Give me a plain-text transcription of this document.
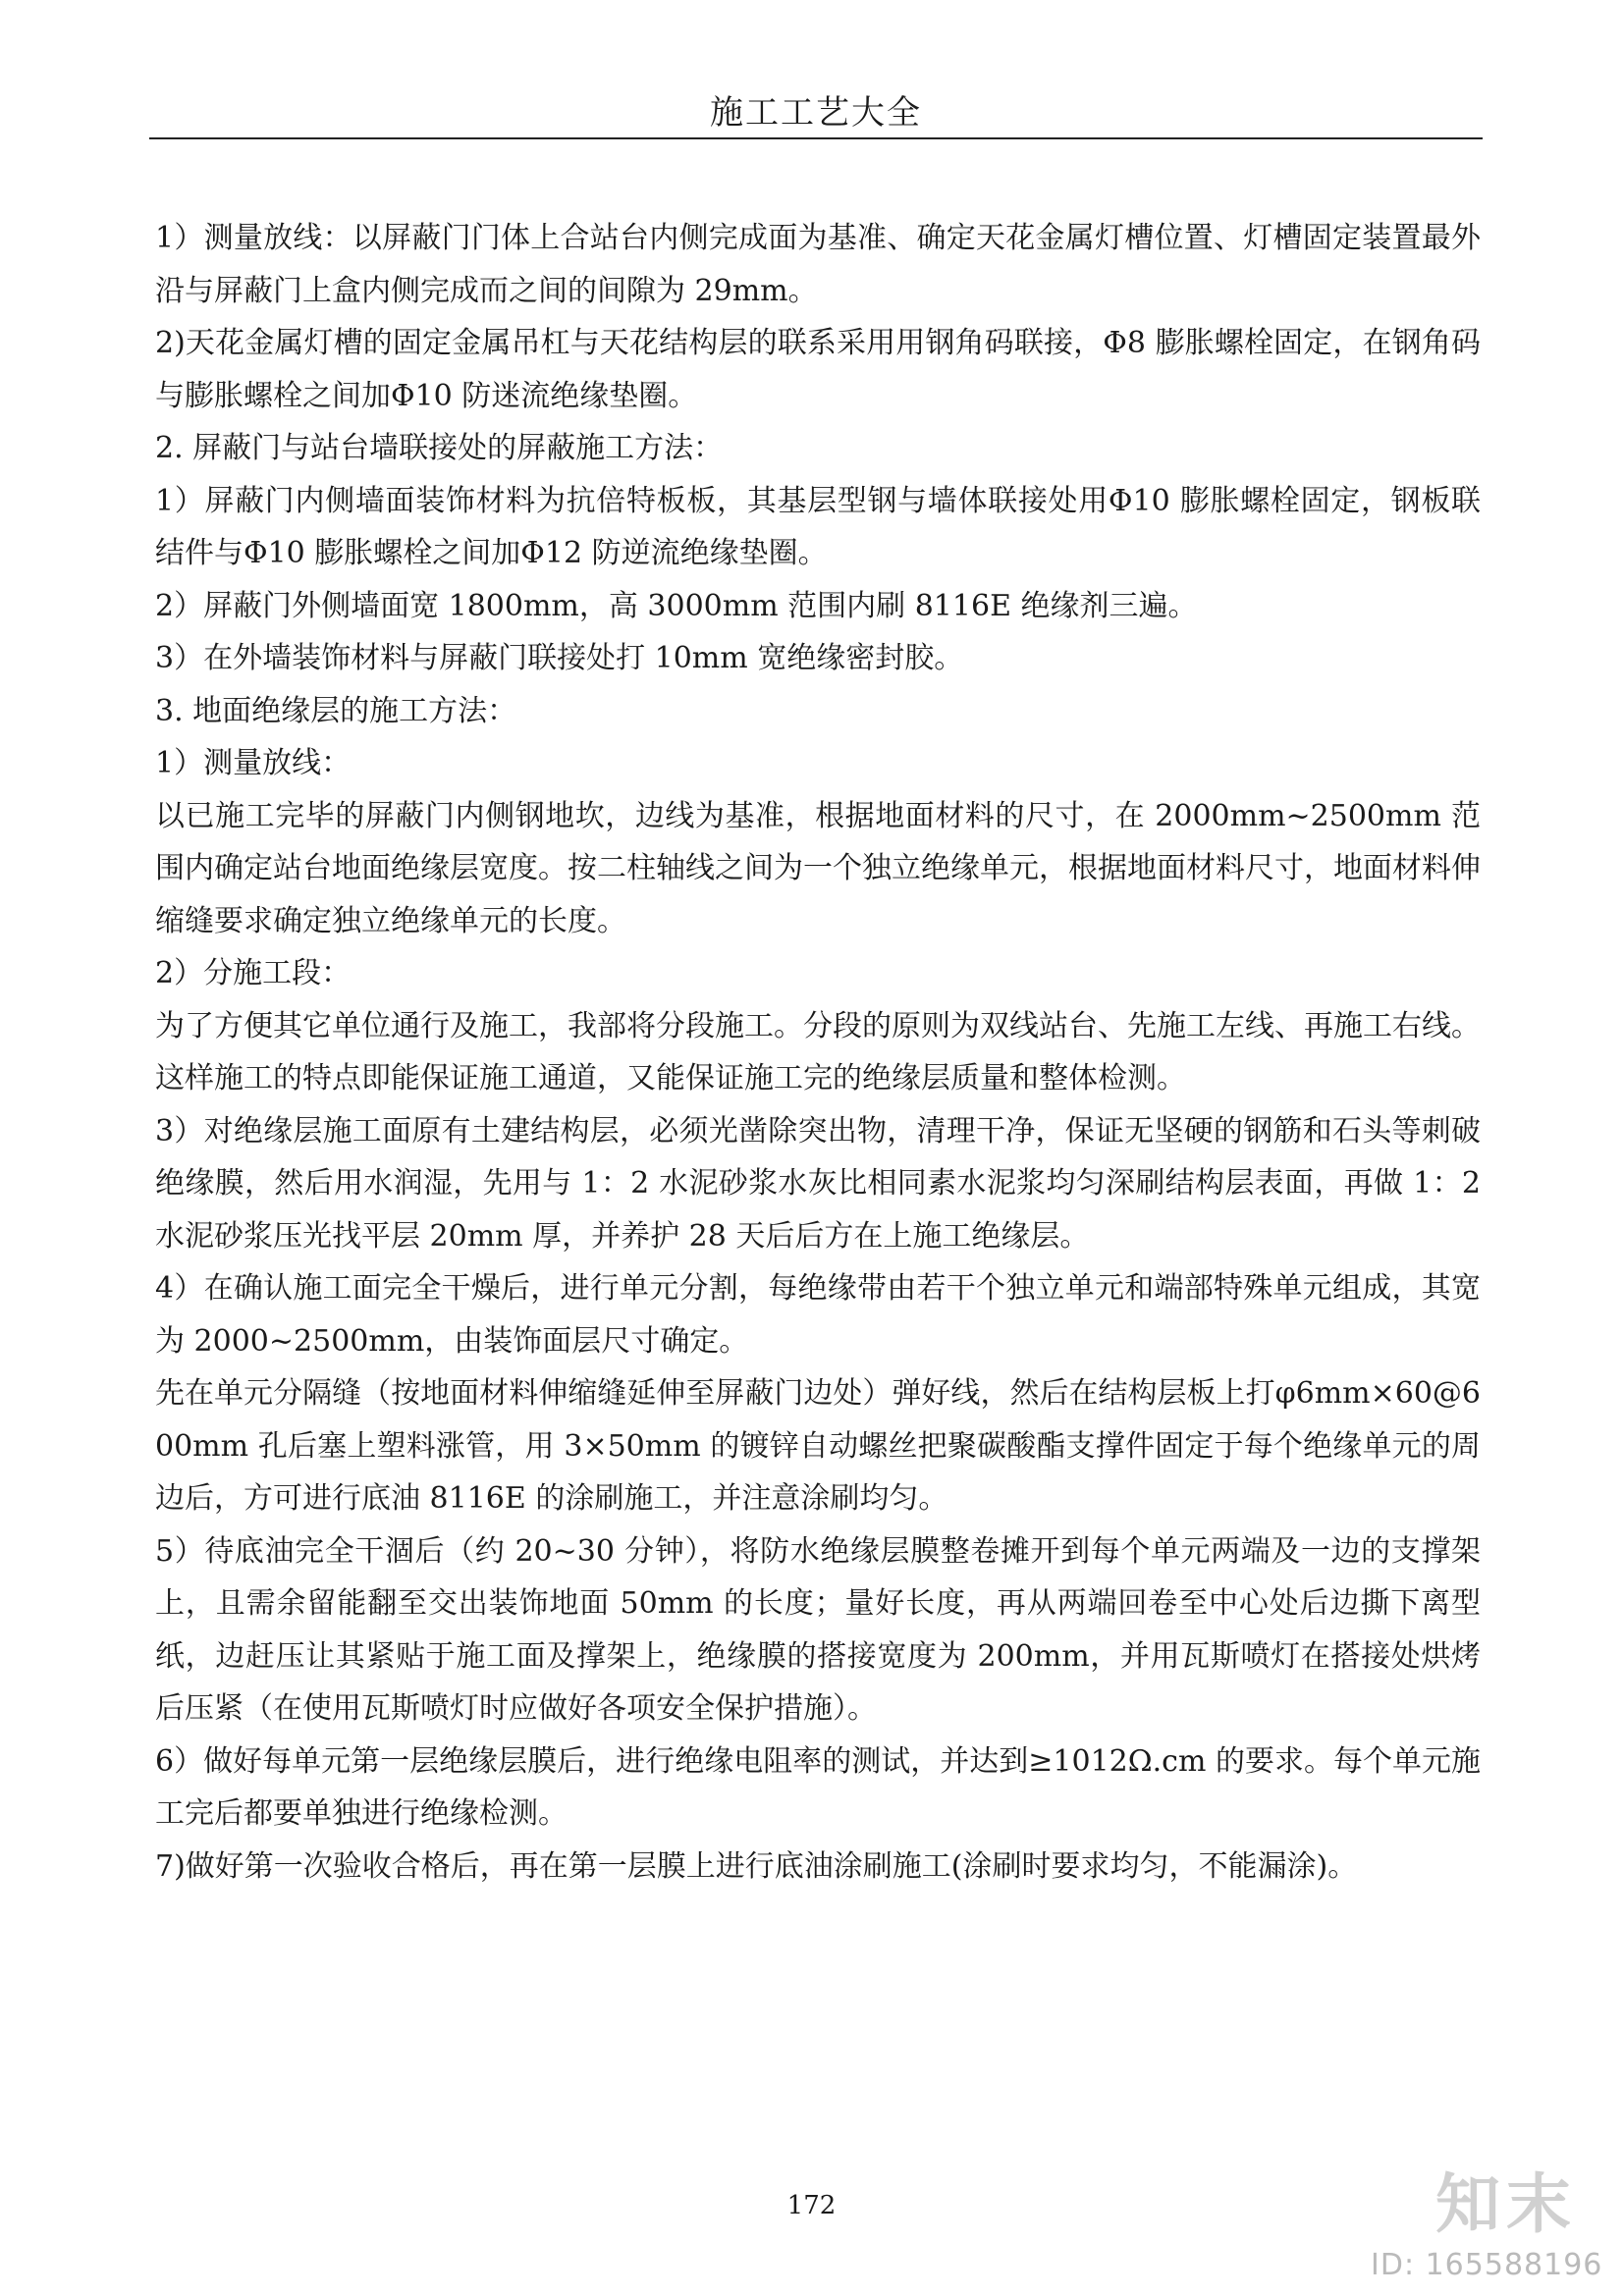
施工工艺大全

1）测量放线：以屏蔽门门体上合站台内侧完成面为基准、确定天花金属灯槽位置、灯槽固定装置最外沿与屏蔽门上盒内侧完成而之间的间隙为 29mm。

2)天花金属灯槽的固定金属吊杠与天花结构层的联系采用用钢角码联接，Φ8 膨胀螺栓固定，在钢角码与膨胀螺栓之间加Φ10 防迷流绝缘垫圈。

2. 屏蔽门与站台墙联接处的屏蔽施工方法：

1）屏蔽门内侧墙面装饰材料为抗倍特板板，其基层型钢与墙体联接处用Φ10 膨胀螺栓固定，钢板联结件与Φ10 膨胀螺栓之间加Φ12 防逆流绝缘垫圈。

2）屏蔽门外侧墙面宽 1800mm，高 3000mm 范围内刷 8116E 绝缘剂三遍。

3）在外墙装饰材料与屏蔽门联接处打 10mm 宽绝缘密封胶。

3. 地面绝缘层的施工方法：

1）测量放线：

以已施工完毕的屏蔽门内侧钢地坎，边线为基准，根据地面材料的尺寸，在 2000mm~2500mm 范围内确定站台地面绝缘层宽度。按二柱轴线之间为一个独立绝缘单元，根据地面材料尺寸，地面材料伸缩缝要求确定独立绝缘单元的长度。

2）分施工段：

为了方便其它单位通行及施工，我部将分段施工。分段的原则为双线站台、先施工左线、再施工右线。这样施工的特点即能保证施工通道，又能保证施工完的绝缘层质量和整体检测。

3）对绝缘层施工面原有土建结构层，必须光凿除突出物，清理干净，保证无坚硬的钢筋和石头等刺破绝缘膜，然后用水润湿，先用与 1：2 水泥砂浆水灰比相同素水泥浆均匀深刷结构层表面，再做 1：2 水泥砂浆压光找平层 20mm 厚，并养护 28 天后后方在上施工绝缘层。

4）在确认施工面完全干燥后，进行单元分割，每绝缘带由若干个独立单元和端部特殊单元组成，其宽为 2000~2500mm，由装饰面层尺寸确定。

先在单元分隔缝（按地面材料伸缩缝延伸至屏蔽门边处）弹好线，然后在结构层板上打φ6mm×60@600mm 孔后塞上塑料涨管，用 3×50mm 的镀锌自动螺丝把聚碳酸酯支撑件固定于每个绝缘单元的周边后，方可进行底油 8116E 的涂刷施工，并注意涂刷均匀。

5）待底油完全干涸后（约 20~30 分钟），将防水绝缘层膜整卷摊开到每个单元两端及一边的支撑架上，且需余留能翻至交出装饰地面 50mm 的长度；量好长度，再从两端回卷至中心处后边撕下离型纸，边赶压让其紧贴于施工面及撑架上，绝缘膜的搭接宽度为 200mm，并用瓦斯喷灯在搭接处烘烤后压紧（在使用瓦斯喷灯时应做好各项安全保护措施）。

6）做好每单元第一层绝缘层膜后，进行绝缘电阻率的测试，并达到≥1012Ω.cm 的要求。每个单元施工完后都要单独进行绝缘检测。

7)做好第一次验收合格后，再在第一层膜上进行底油涂刷施工(涂刷时要求均匀，不能漏涂)。

172	知末
ID: 165588196
